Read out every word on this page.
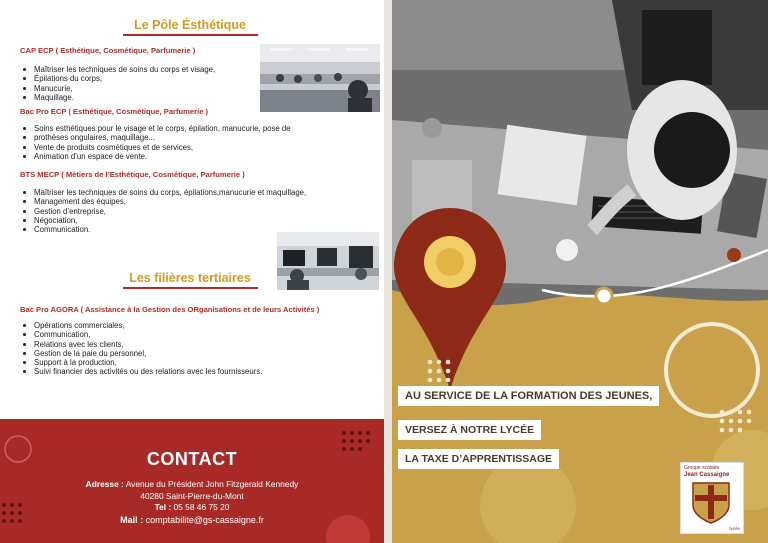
Le Pôle Ésthétique
CAP ECP ( Esthétique, Cosmétique, Parfumerie )
Maîtriser les techniques de soins du corps et visage,
Épilations du corps,
Manucurie,
Maquillage.
Bac Pro ECP ( Esthétique, Cosmétique, Parfumerie )
Soins esthétiques pour le visage et le corps, épilation, manucurie, pose de
prothèses ongulaires, maquillage...
Vente de produits cosmétiques et de services,
Animation d’un espace de vente.
BTS MECP ( Métiers de l’Esthétique, Cosmétique, Parfumerie )
Maîtriser les techniques de soins du corps, épilations,manucurie et maquillage,
Management des équipes,
Gestion d’entreprise,
Négociation,
Communication.
Les filières tertiaires
Bac Pro AGORA ( Assistance à la Gestion des ORganisations et de leurs Activités )
Opérations commerciales,
Communication,
Relations avec les clients,
Gestion de la paie du personnel,
Support à la production,
Suivi financier des activités ou des relations avec les fournisseurs.
CONTACT
Adresse : Avenue du Président John Fitzgerald Kennedy
40280 Saint-Pierre-du-Mont
Tel : 05 58 46 75 20
Mail : comptabilite@gs-cassaigne.fr
AU SERVICE DE LA FORMATION DES JEUNES,
VERSEZ À NOTRE LYCÉE
LA TAXE D’APPRENTISSAGE
Groupe scolaire
Jean Cassaigne
lycée
